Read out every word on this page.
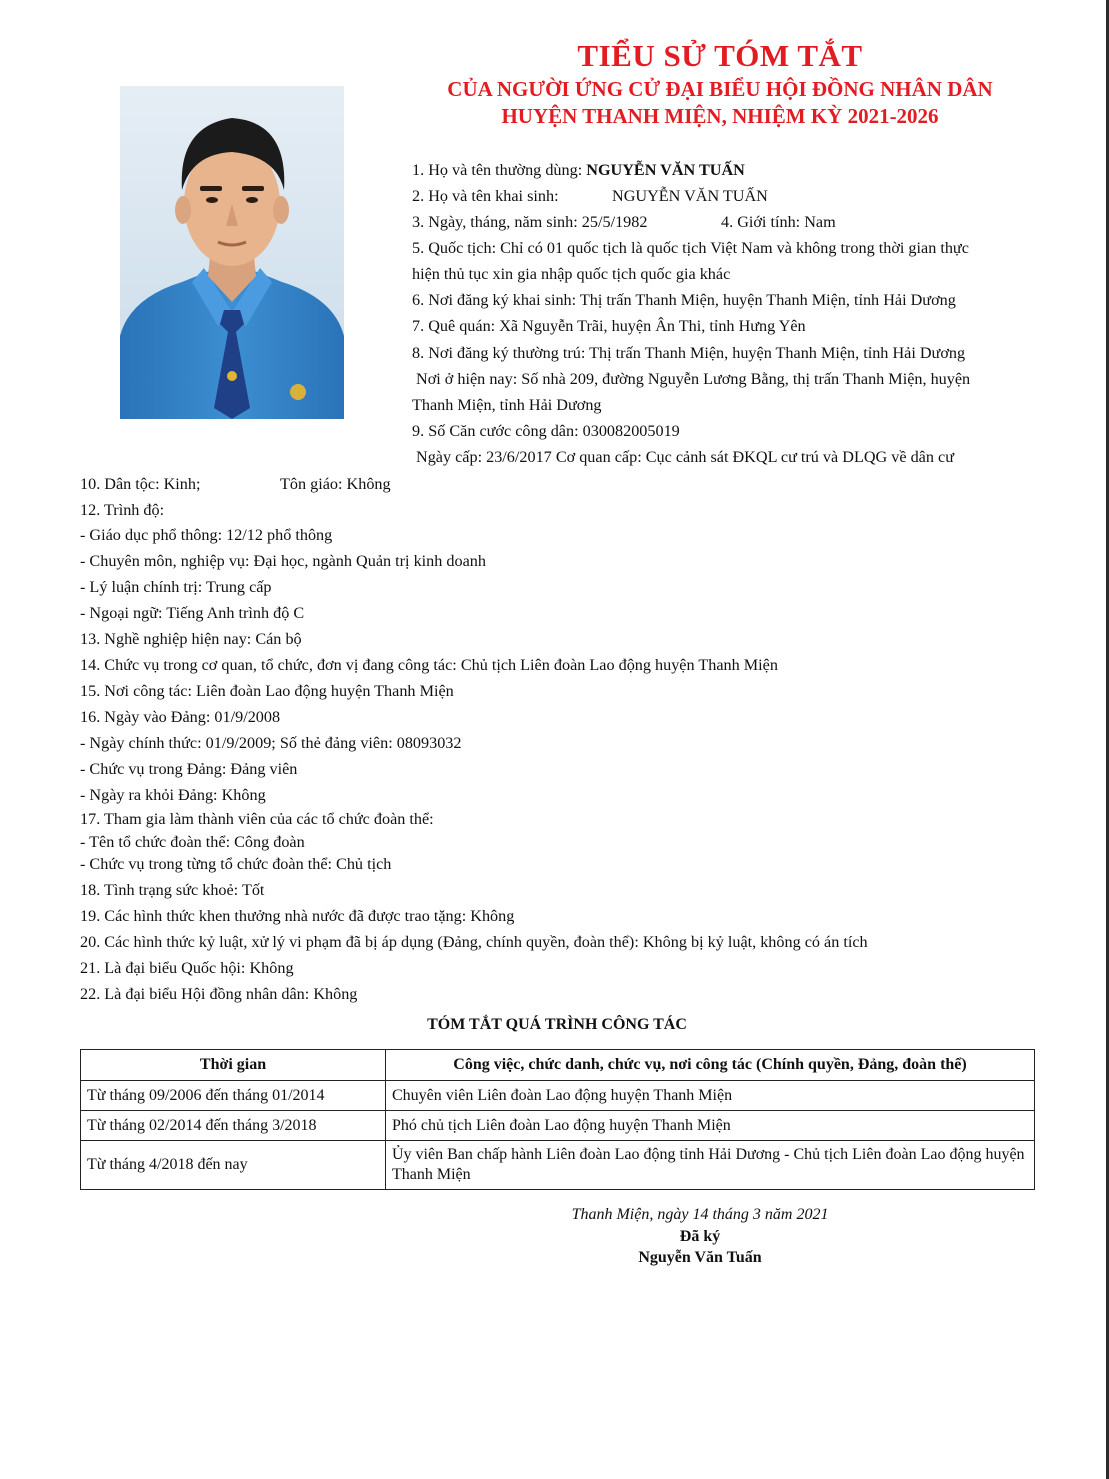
TIỂU SỬ TÓM TẮT
CỦA NGƯỜI ỨNG CỬ ĐẠI BIỂU HỘI ĐỒNG NHÂN DÂN
HUYỆN THANH MIỆN, NHIỆM KỲ 2021-2026
1. Họ và tên thường dùng: NGUYỄN VĂN TUẤN
2. Họ và tên khai sinh:	NGUYỄN VĂN TUẤN
3. Ngày, tháng, năm sinh: 25/5/1982	4. Giới tính: Nam
5. Quốc tịch: Chỉ có 01 quốc tịch là quốc tịch Việt Nam và không trong thời gian thực
hiện thủ tục xin gia nhập quốc tịch quốc gia khác
6. Nơi đăng ký khai sinh: Thị trấn Thanh Miện, huyện Thanh Miện, tỉnh Hải Dương
7. Quê quán: Xã Nguyễn Trãi, huyện Ân Thi, tỉnh Hưng Yên
8. Nơi đăng ký thường trú: Thị trấn Thanh Miện, huyện Thanh Miện, tỉnh Hải Dương
Nơi ở hiện nay: Số nhà 209, đường Nguyễn Lương Bằng, thị trấn Thanh Miện, huyện
Thanh Miện, tỉnh Hải Dương
9. Số Căn cước công dân: 030082005019
Ngày cấp: 23/6/2017 Cơ quan cấp: Cục cảnh sát ĐKQL cư trú và DLQG về dân cư
10. Dân tộc: Kinh;	Tôn giáo: Không
12. Trình độ:
- Giáo dục phổ thông: 12/12 phổ thông
- Chuyên môn, nghiệp vụ: Đại học, ngành Quản trị kinh doanh
- Lý luận chính trị: Trung cấp
- Ngoại ngữ: Tiếng Anh trình độ C
13. Nghề nghiệp hiện nay: Cán bộ
14. Chức vụ trong cơ quan, tổ chức, đơn vị đang công tác: Chủ tịch Liên đoàn Lao động huyện Thanh Miện
15. Nơi công tác: Liên đoàn Lao động huyện Thanh Miện
16. Ngày vào Đảng: 01/9/2008
- Ngày chính thức: 01/9/2009; Số thẻ đảng viên: 08093032
- Chức vụ trong Đảng: Đảng viên
- Ngày ra khỏi Đảng: Không
17. Tham gia làm thành viên của các tổ chức đoàn thể:
- Tên tổ chức đoàn thể: Công đoàn
- Chức vụ trong từng tổ chức đoàn thể: Chủ tịch
18. Tình trạng sức khoẻ: Tốt
19. Các hình thức khen thưởng nhà nước đã được trao tặng: Không
20. Các hình thức kỷ luật, xử lý vi phạm đã bị áp dụng (Đảng, chính quyền, đoàn thể): Không bị kỷ luật, không có án tích
21. Là đại biểu Quốc hội: Không
22. Là đại biểu Hội đồng nhân dân: Không
TÓM TẮT QUÁ TRÌNH CÔNG TÁC
Thời gian	Công việc, chức danh, chức vụ, nơi công tác (Chính quyền, Đảng, đoàn thể)
Từ tháng 09/2006 đến tháng 01/2014	Chuyên viên Liên đoàn Lao động huyện Thanh Miện
Từ tháng 02/2014 đến tháng 3/2018	Phó chủ tịch Liên đoàn Lao động huyện Thanh Miện
Từ tháng 4/2018 đến nay	Ủy viên Ban chấp hành Liên đoàn Lao động tỉnh Hải Dương - Chủ tịch Liên đoàn Lao động huyện Thanh Miện
Thanh Miện, ngày 14 tháng 3 năm 2021
Đã ký
Nguyễn Văn Tuấn
